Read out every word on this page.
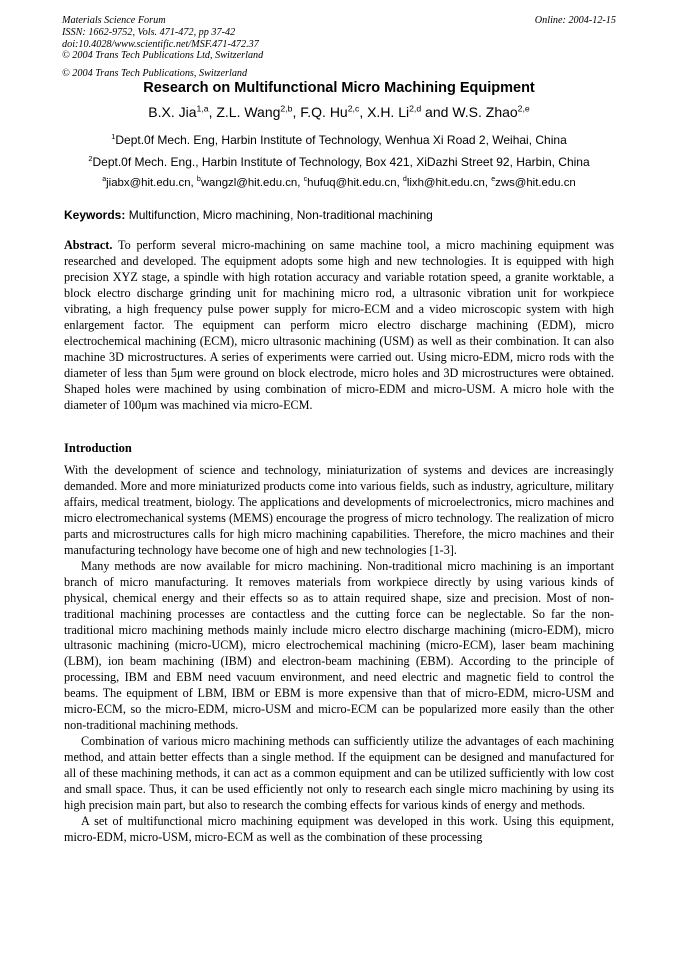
Materials Science Forum
ISSN: 1662-9752, Vols. 471-472, pp 37-42
doi:10.4028/www.scientific.net/MSF.471-472.37
© 2004 Trans Tech Publications Ltd, Switzerland
Online: 2004-12-15
© 2004 Trans Tech Publications, Switzerland
Research on Multifunctional Micro Machining Equipment
B.X. Jia$^{1,a}$, Z.L. Wang$^{2,b}$, F.Q. Hu$^{2,c}$, X.H. Li$^{2,d}$ and W.S. Zhao$^{2,e}$
$^1$Dept.0f Mech. Eng, Harbin Institute of Technology, Wenhua Xi Road 2, Weihai, China
$^2$Dept.0f Mech. Eng., Harbin Institute of Technology, Box 421, XiDazhi Street 92, Harbin, China
$^a$jiabx@hit.edu.cn, $^b$wangzl@hit.edu.cn, $^c$hufuq@hit.edu.cn, $^d$lixh@hit.edu.cn, $^e$zws@hit.edu.cn
Keywords: Multifunction, Micro machining, Non-traditional machining
Abstract. To perform several micro-machining on same machine tool, a micro machining equipment was researched and developed. The equipment adopts some high and new technologies. It is equipped with high precision XYZ stage, a spindle with high rotation accuracy and variable rotation speed, a granite worktable, a block electro discharge grinding unit for machining micro rod, a ultrasonic vibration unit for workpiece vibrating, a high frequency pulse power supply for micro-ECM and a video microscopic system with high enlargement factor. The equipment can perform micro electro discharge machining (EDM), micro electrochemical machining (ECM), micro ultrasonic machining (USM) as well as their combination. It can also machine 3D microstructures. A series of experiments were carried out. Using micro-EDM, micro rods with the diameter of less than 5μm were ground on block electrode, micro holes and 3D microstructures were obtained. Shaped holes were machined by using combination of micro-EDM and micro-USM. A micro hole with the diameter of 100μm was machined via micro-ECM.
Introduction

With the development of science and technology, miniaturization of systems and devices are increasingly demanded. More and more miniaturized products come into various fields, such as industry, agriculture, military affairs, medical treatment, biology. The applications and developments of microelectronics, micro machines and micro electromechanical systems (MEMS) encourage the progress of micro technology. The realization of micro parts and microstructures calls for high micro machining capabilities. Therefore, the micro machines and their manufacturing technology have become one of high and new technologies [1-3].

Many methods are now available for micro machining. Non-traditional micro machining is an important branch of micro manufacturing. It removes materials from workpiece directly by using various kinds of physical, chemical energy and their effects so as to attain required shape, size and precision. Most of non-traditional machining processes are contactless and the cutting force can be neglectable. So far the non-traditional micro machining methods mainly include micro electro discharge machining (micro-EDM), micro ultrasonic machining (micro-UCM), micro electrochemical machining (micro-ECM), laser beam machining (LBM), ion beam machining (IBM) and electron-beam machining (EBM). According to the principle of processing, IBM and EBM need vacuum environment, and need electric and magnetic field to control the beams. The equipment of LBM, IBM or EBM is more expensive than that of micro-EDM, micro-USM and micro-ECM, so the micro-EDM, micro-USM and micro-ECM can be popularized more easily than the other non-traditional machining methods.

Combination of various micro machining methods can sufficiently utilize the advantages of each machining method, and attain better effects than a single method. If the equipment can be designed and manufactured for all of these machining methods, it can act as a common equipment and can be utilized sufficiently with low cost and small space. Thus, it can be used efficiently not only to research each single micro machining by using its high precision main part, but also to research the combing effects for various kinds of energy and methods.

A set of multifunctional micro machining equipment was developed in this work. Using this equipment, micro-EDM, micro-USM, micro-ECM as well as the combination of these processing
